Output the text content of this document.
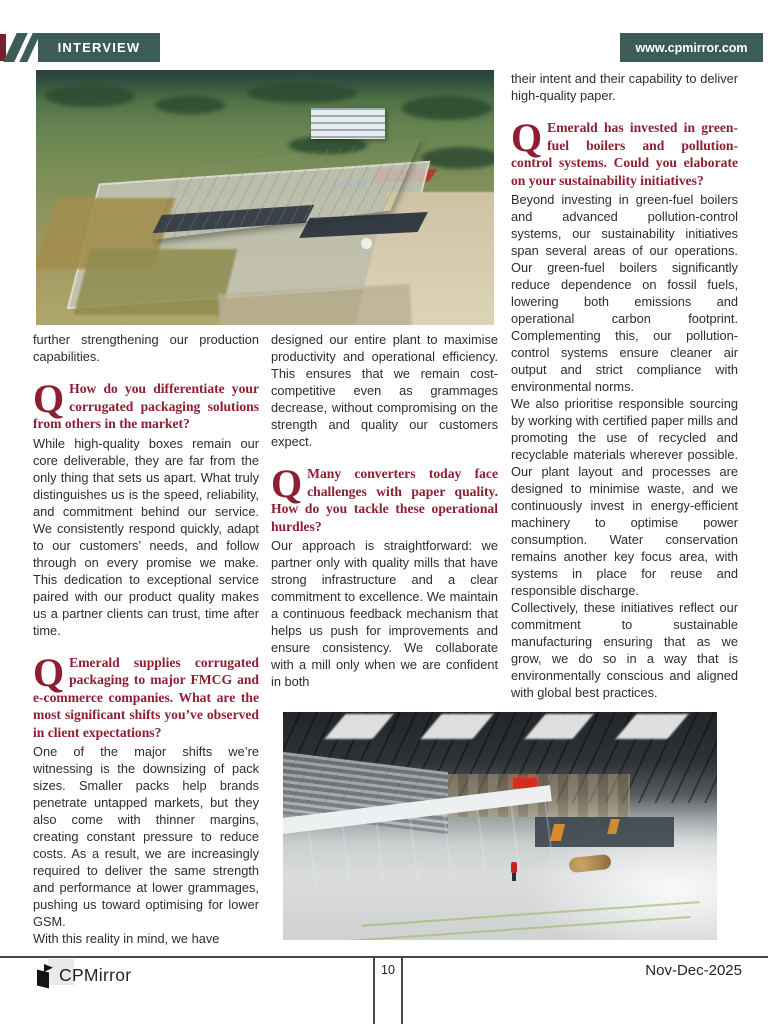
INTERVIEW	www.cpmirror.com

further strengthening our production capabilities.

Q How do you differentiate your corrugated packaging solutions from others in the market?

While high-quality boxes remain our core deliverable, they are far from the only thing that sets us apart. What truly distinguishes us is the speed, reliability, and commitment behind our service. We consistently respond quickly, adapt to our customers’ needs, and follow through on every promise we make. This dedication to exceptional service paired with our product quality makes us a partner clients can trust, time after time.

Q Emerald supplies corrugated packaging to major FMCG and e-commerce companies. What are the most significant shifts you’ve observed in client expectations?

One of the major shifts we’re witnessing is the downsizing of pack sizes. Smaller packs help brands penetrate untapped markets, but they also come with thinner margins, creating constant pressure to reduce costs. As a result, we are increasingly required to deliver the same strength and performance at lower grammages, pushing us toward optimising for lower GSM.

With this reality in mind, we have

designed our entire plant to maximise productivity and operational efficiency. This ensures that we remain cost-competitive even as grammages decrease, without compromising on the strength and quality our customers expect.

Q Many converters today face challenges with paper quality. How do you tackle these operational hurdles?

Our approach is straightforward: we partner only with quality mills that have strong infrastructure and a clear commitment to excellence. We maintain a continuous feedback mechanism that helps us push for improvements and ensure consistency. We collaborate with a mill only when we are confident in both

their intent and their capability to deliver high-quality paper.

Q Emerald has invested in green-fuel boilers and pollution-control systems. Could you elaborate on your sustainability initiatives?

Beyond investing in green-fuel boilers and advanced pollution-control systems, our sustainability initiatives span several areas of our operations. Our green-fuel boilers significantly reduce dependence on fossil fuels, lowering both emissions and operational carbon footprint. Complementing this, our pollution-control systems ensure cleaner air output and strict compliance with environmental norms.

We also prioritise responsible sourcing by working with certified paper mills and promoting the use of recycled and recyclable materials wherever possible. Our plant layout and processes are designed to minimise waste, and we continuously invest in energy-efficient machinery to optimise power consumption. Water conservation remains another key focus area, with systems in place for reuse and responsible discharge.

Collectively, these initiatives reflect our commitment to sustainable manufacturing ensuring that as we grow, we do so in a way that is environmentally conscious and aligned with global best practices.

CPMirror	10	Nov-Dec-2025
